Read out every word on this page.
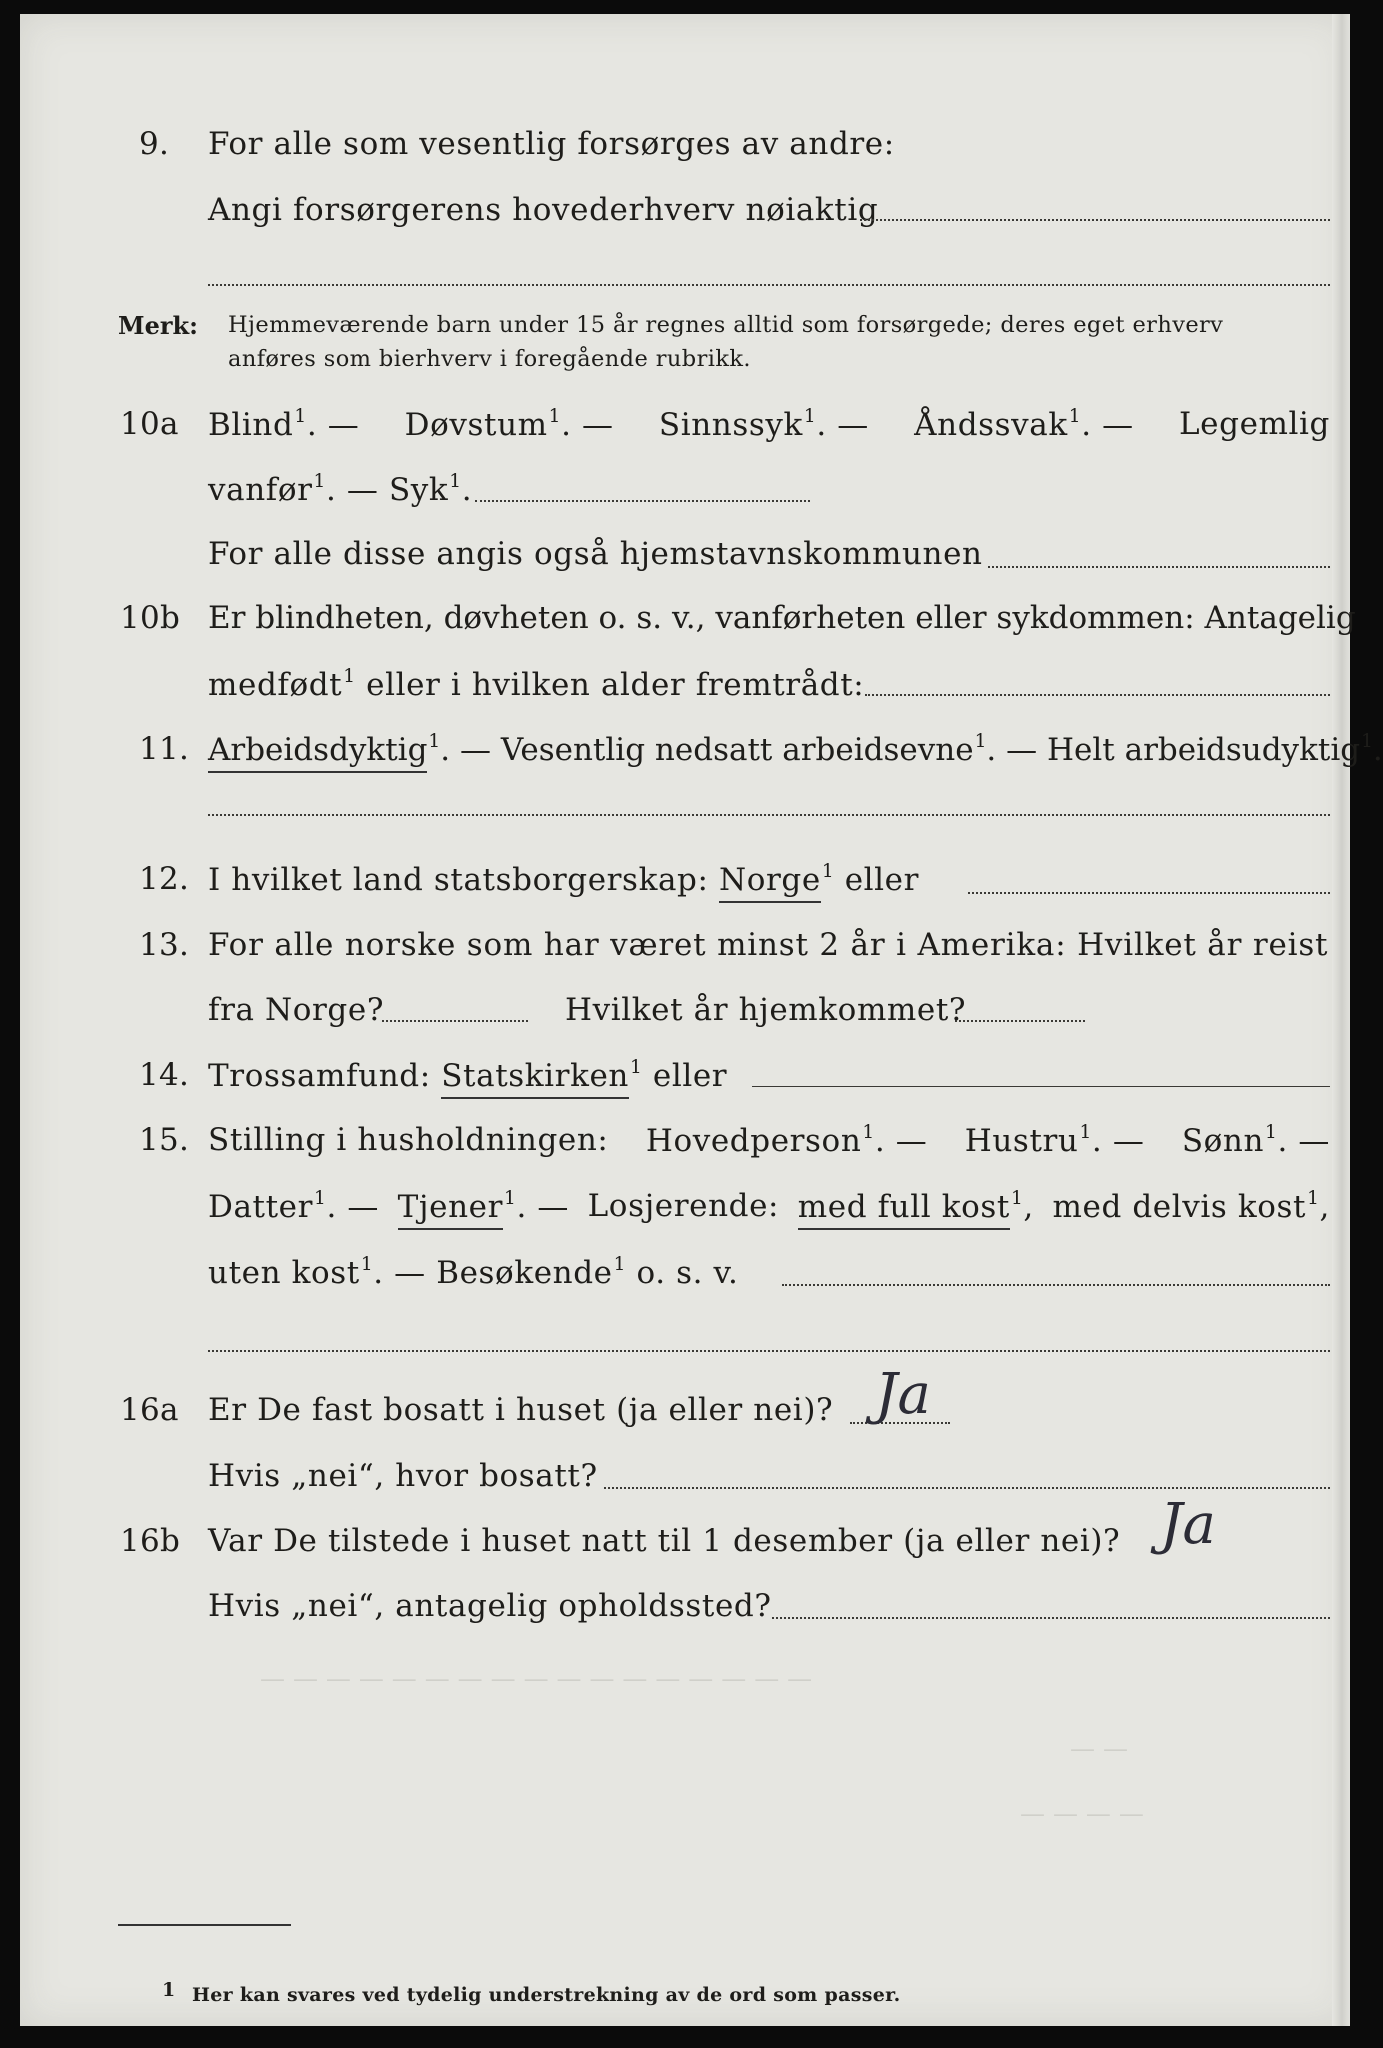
— — — — — — — — — — — — — — — — —
— —
— — — —
9. For alle som vesentlig forsørges av andre:
Angi forsørgerens hovederhverv nøiaktig
Merk: Hjemmeværende barn under 15 år regnes alltid som forsørgede; deres eget erhverv
anføres som bierhverv i foregående rubrikk.
10a Blind$^1$. — Døvstum$^1$. — Sinnssyk$^1$. — Åndssvak$^1$. — Legemlig
vanfør$^1$. — Syk$^1$.
For alle disse angis også hjemstavnskommunen
10b Er blindheten, døvheten o. s. v., vanførheten eller sykdommen: Antagelig
medfødt$^1$ eller i hvilken alder fremtrådt:
11. Arbeidsdyktig$^1$. — Vesentlig nedsatt arbeidsevne$^1$. — Helt arbeidsudyktig$^1$.
12. I hvilket land statsborgerskap: Norge$^1$ eller
13. For alle norske som har været minst 2 år i Amerika: Hvilket år reist
fra Norge?	Hvilket år hjemkommet?
14. Trossamfund: Statskirken$^1$ eller
15. Stilling i husholdningen: Hovedperson$^1$. — Hustru$^1$. — Sønn$^1$. —
Datter$^1$. — Tjener$^1$. — Losjerende: med full kost$^1$, med delvis kost$^1$,
uten kost$^1$. — Besøkende$^1$ o. s. v.
16a Er De fast bosatt i huset (ja eller nei)? Ja
Hvis „nei“, hvor bosatt?
16b Var De tilstede i huset natt til 1 desember (ja eller nei)? Ja
Hvis „nei“, antagelig opholdssted?
1 Her kan svares ved tydelig understrekning av de ord som passer.
